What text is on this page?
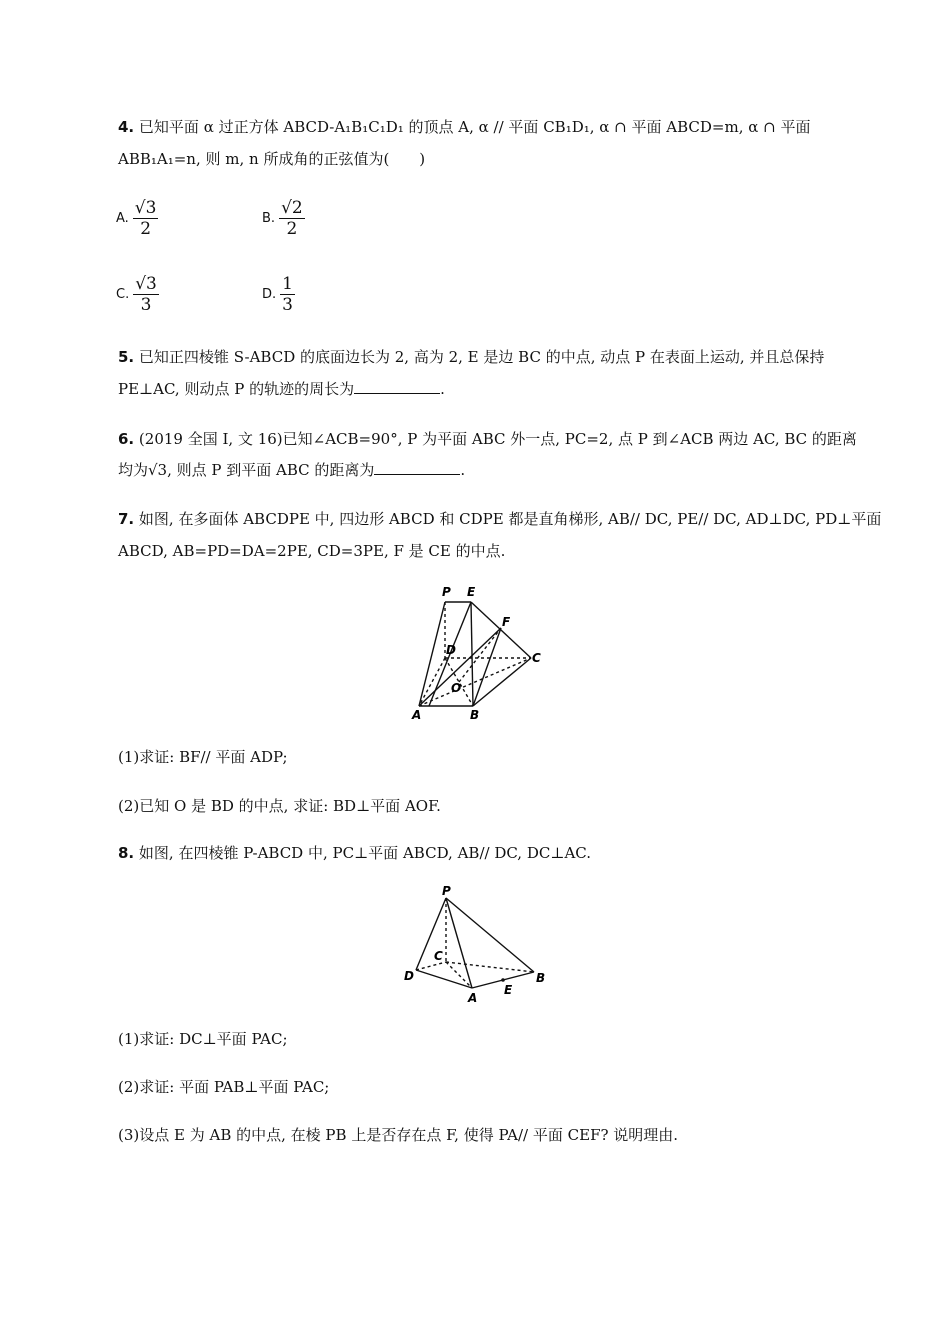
4. 已知平面 α 过正方体 ABCD-A₁B₁C₁D₁ 的顶点 A, α // 平面 CB₁D₁, α ∩ 平面 ABCD=m, α ∩ 平面
ABB₁A₁=n, 则 m, n 所成角的正弦值为(　　)
A. $\frac{√3}{2}$	B. $\frac{√2}{2}$
C. $\frac{√3}{3}$	D. $\frac{1}{3}$
5. 已知正四棱锥 S-ABCD 的底面边长为 2, 高为 2, E 是边 BC 的中点, 动点 P 在表面上运动, 并且总保持
PE⊥AC, 则动点 P 的轨迹的周长为	.
6. (2019 全国 Ⅰ, 文 16)已知∠ACB=90°, P 为平面 ABC 外一点, PC=2, 点 P 到∠ACB 两边 AC, BC 的距离
均为√3, 则点 P 到平面 ABC 的距离为	.
7. 如图, 在多面体 ABCDPE 中, 四边形 ABCD 和 CDPE 都是直角梯形, AB// DC, PE// DC, AD⊥DC, PD⊥平面
ABCD, AB=PD=DA=2PE, CD=3PE, F 是 CE 的中点.
P E
F
D
C
O
A	B
(1)求证: BF// 平面 ADP;
(2)已知 O 是 BD 的中点, 求证: BD⊥平面 AOF.
8. 如图, 在四棱锥 P-ABCD 中, PC⊥平面 ABCD, AB// DC, DC⊥AC.
P
C
D
A
E
B
(1)求证: DC⊥平面 PAC;
(2)求证: 平面 PAB⊥平面 PAC;
(3)设点 E 为 AB 的中点, 在棱 PB 上是否存在点 F, 使得 PA// 平面 CEF? 说明理由.
